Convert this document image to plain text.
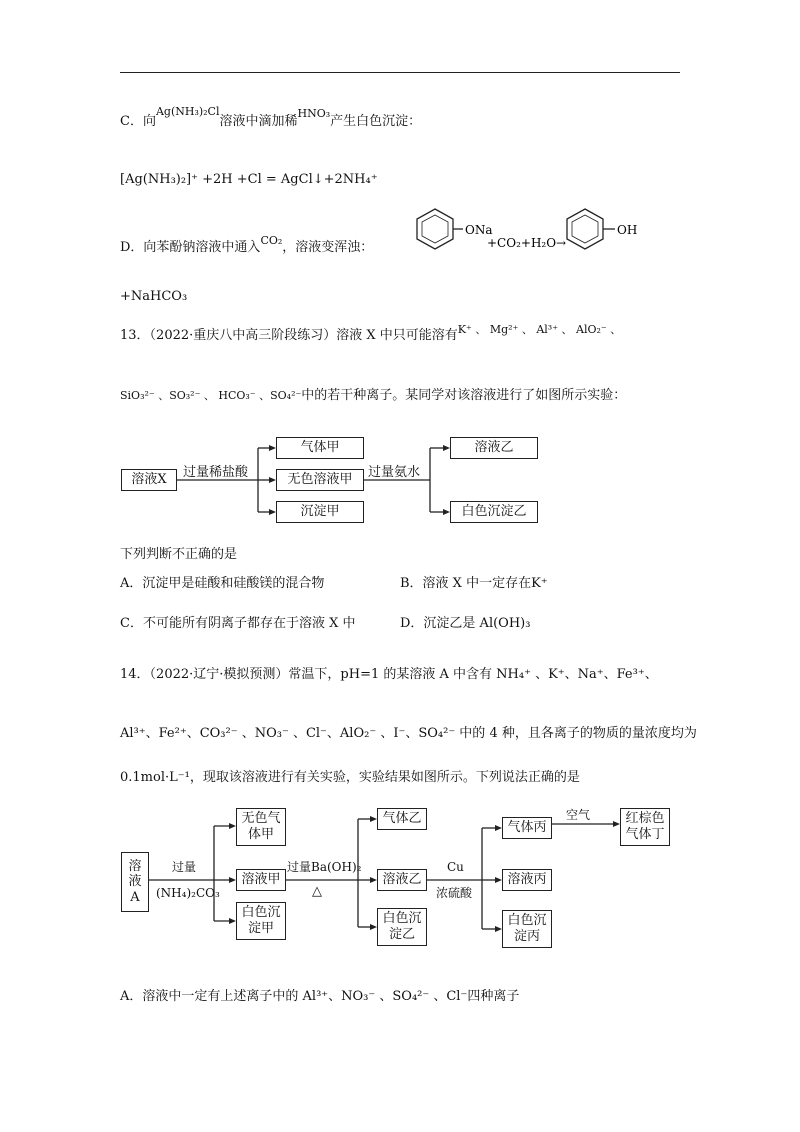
C．向$^{Ag(NH_3)_2Cl}$溶液中滴加稀$^{HNO_3}$产生白色沉淀：
[Ag(NH₃)₂]⁺ +2H +Cl = AgCl↓+2NH₄⁺
D．向苯酚钠溶液中通入$^{CO_2}$，溶液变浑浊：
ONa
+CO₂+H₂O→
OH
+NaHCO₃
13．（2022·重庆八中高三阶段练习）溶液 X 中只可能溶有$^{K^+ 、 Mg^{2+} 、 Al^{3+} 、 AlO_2^- 、}$
SiO₃²⁻ 、SO₃²⁻ 、 HCO₃⁻ 、SO₄²⁻中的若干种离子。某同学对该溶液进行了如图所示实验：
溶液X	过量稀盐酸
气体甲
无色溶液甲
沉淀甲
过量氨水
溶液乙
白色沉淀乙
下列判断不正确的是
A．沉淀甲是硅酸和硅酸镁的混合物	B．溶液 X 中一定存在K⁺
C．不可能所有阴离子都存在于溶液 X 中	D．沉淀乙是 Al(OH)₃
14．（2022·辽宁·模拟预测）常温下，pH=1 的某溶液 A 中含有 NH₄⁺ 、K⁺、Na⁺、Fe³⁺、
Al³⁺、Fe²⁺、CO₃²⁻ 、NO₃⁻ 、Cl⁻、AlO₂⁻ 、I⁻、SO₄²⁻ 中的 4 种，且各离子的物质的量浓度均为
0.1mol·L⁻¹，现取该溶液进行有关实验，实验结果如图所示。下列说法正确的是
溶液A
过量
(NH₄)₂CO₃
无色气体甲
溶液甲
白色沉淀甲
过量Ba(OH)₂
△
气体乙
溶液乙
白色沉淀乙
Cu
浓硫酸
气体丙
溶液丙
白色沉淀丙
空气	红棕色气体丁
A．溶液中一定有上述离子中的 Al³⁺、NO₃⁻ 、SO₄²⁻ 、Cl⁻四种离子
